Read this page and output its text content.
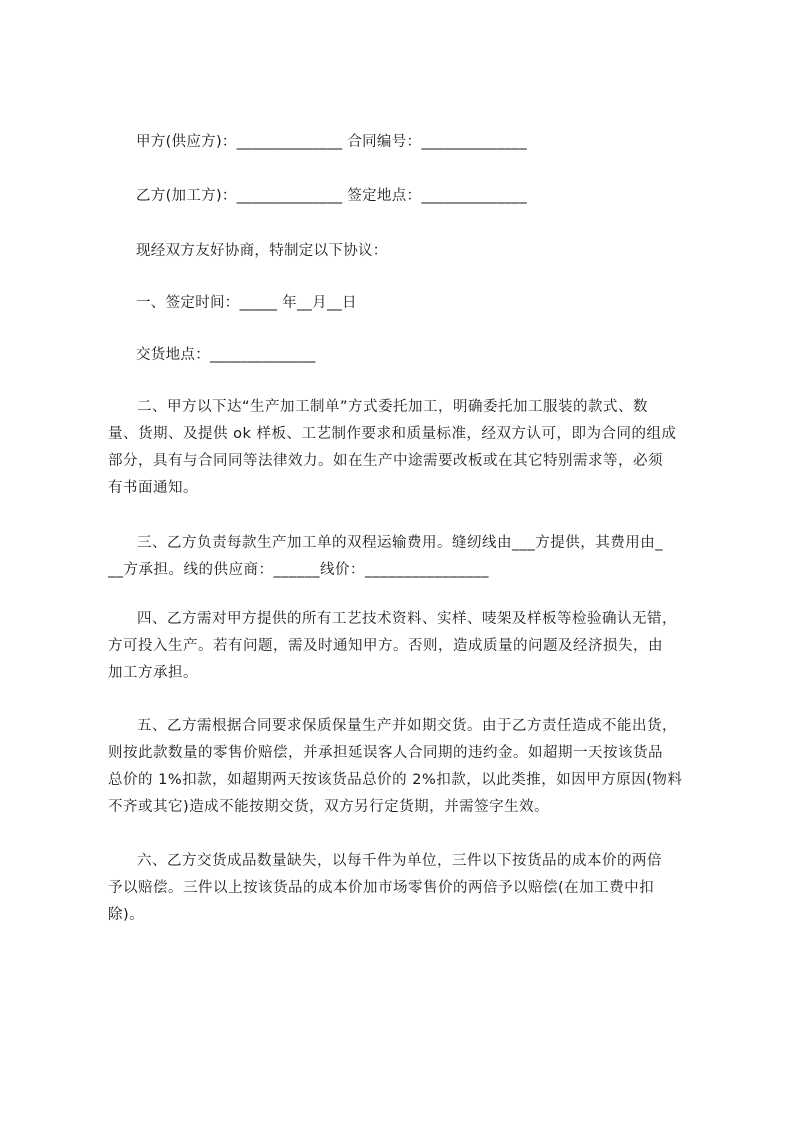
甲方(供应方)：______________ 合同编号：______________
乙方(加工方)：______________ 签定地点：______________
现经双方友好协商，特制定以下协议：
一、签定时间：_____ 年__月__日
交货地点：______________
二、甲方以下达“生产加工制单”方式委托加工，明确委托加工服装的款式、数
量、货期、及提供 ok 样板、工艺制作要求和质量标准，经双方认可，即为合同的组成
部分，具有与合同同等法律效力。如在生产中途需要改板或在其它特别需求等，必须
有书面通知。
三、乙方负责每款生产加工单的双程运输费用。缝纫线由___方提供，其费用由_
__方承担。线的供应商：______线价：________________
四、乙方需对甲方提供的所有工艺技术资料、实样、唛架及样板等检验确认无错，
方可投入生产。若有问题，需及时通知甲方。否则，造成质量的问题及经济损失，由
加工方承担。
五、乙方需根据合同要求保质保量生产并如期交货。由于乙方责任造成不能出货，
则按此款数量的零售价赔偿，并承担延误客人合同期的违约金。如超期一天按该货品
总价的 1%扣款，如超期两天按该货品总价的 2%扣款，以此类推，如因甲方原因(物料
不齐或其它)造成不能按期交货，双方另行定货期，并需签字生效。
六、乙方交货成品数量缺失，以每千件为单位，三件以下按货品的成本价的两倍
予以赔偿。三件以上按该货品的成本价加市场零售价的两倍予以赔偿(在加工费中扣
除)。
